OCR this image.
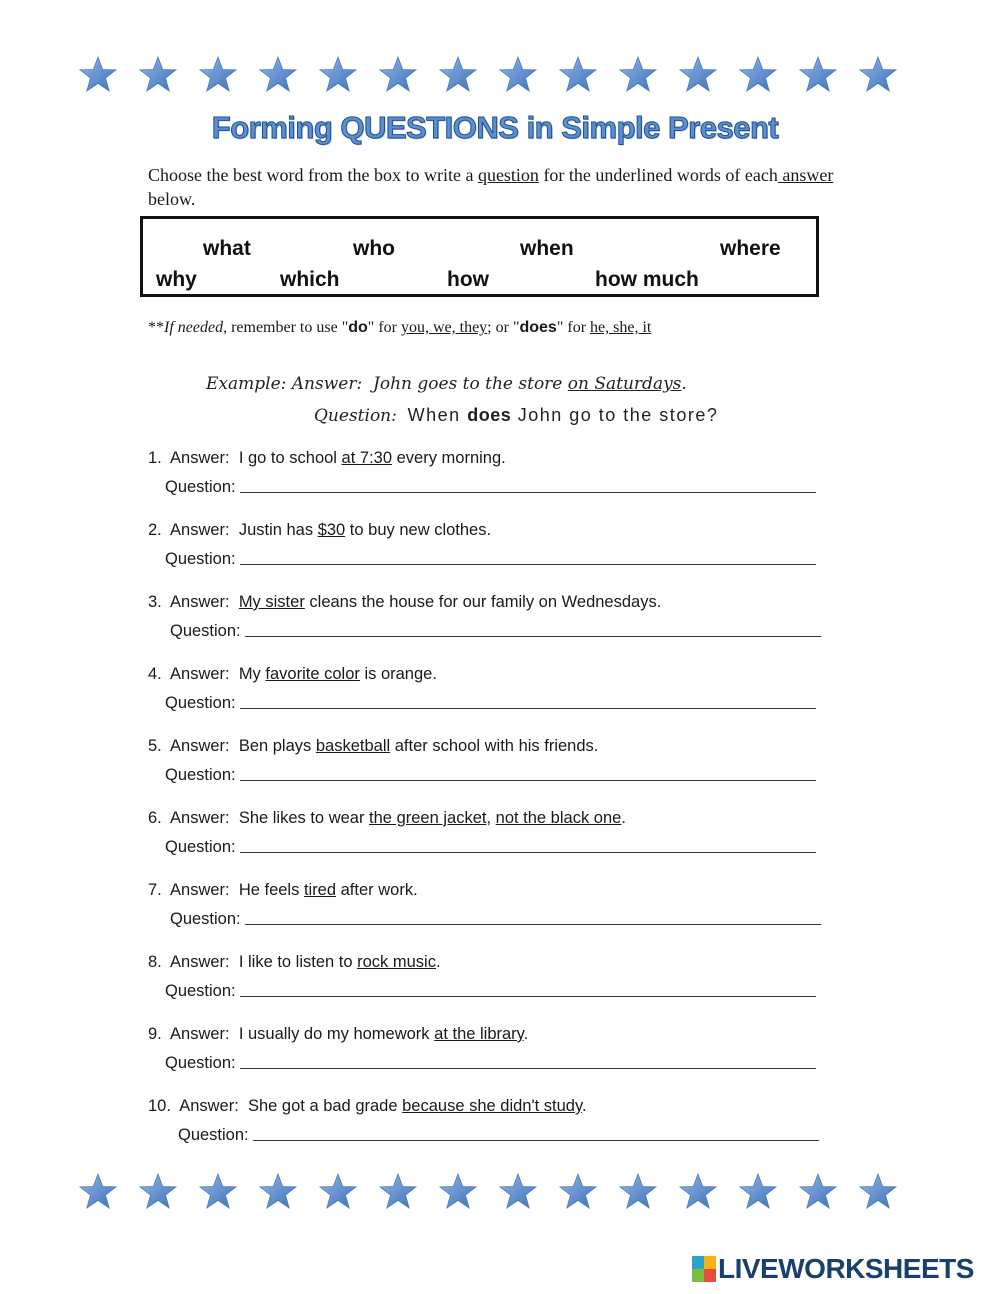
Forming QUESTIONS in Simple Present
Choose the best word from the box to write a question for the underlined words of each answer below.
what	who	when	where
why	which	how	how much
**If needed, remember to use "do" for you, we, they; or "does" for he, she, it
Example: Answer: John goes to the store on Saturdays.
Question: When does John go to the store?
1. Answer: I go to school at 7:30 every morning.
Question:
2. Answer: Justin has $30 to buy new clothes.
Question:
3. Answer: My sister cleans the house for our family on Wednesdays.
Question:
4. Answer: My favorite color is orange.
Question:
5. Answer: Ben plays basketball after school with his friends.
Question:
6. Answer: She likes to wear the green jacket, not the black one.
Question:
7. Answer: He feels tired after work.
Question:
8. Answer:  I like to listen to rock music.
Question:
9. Answer: I usually do my homework at the library.
Question:
10. Answer: She got a bad grade because she didn't study.
Question:
LIVEWORKSHEETS
